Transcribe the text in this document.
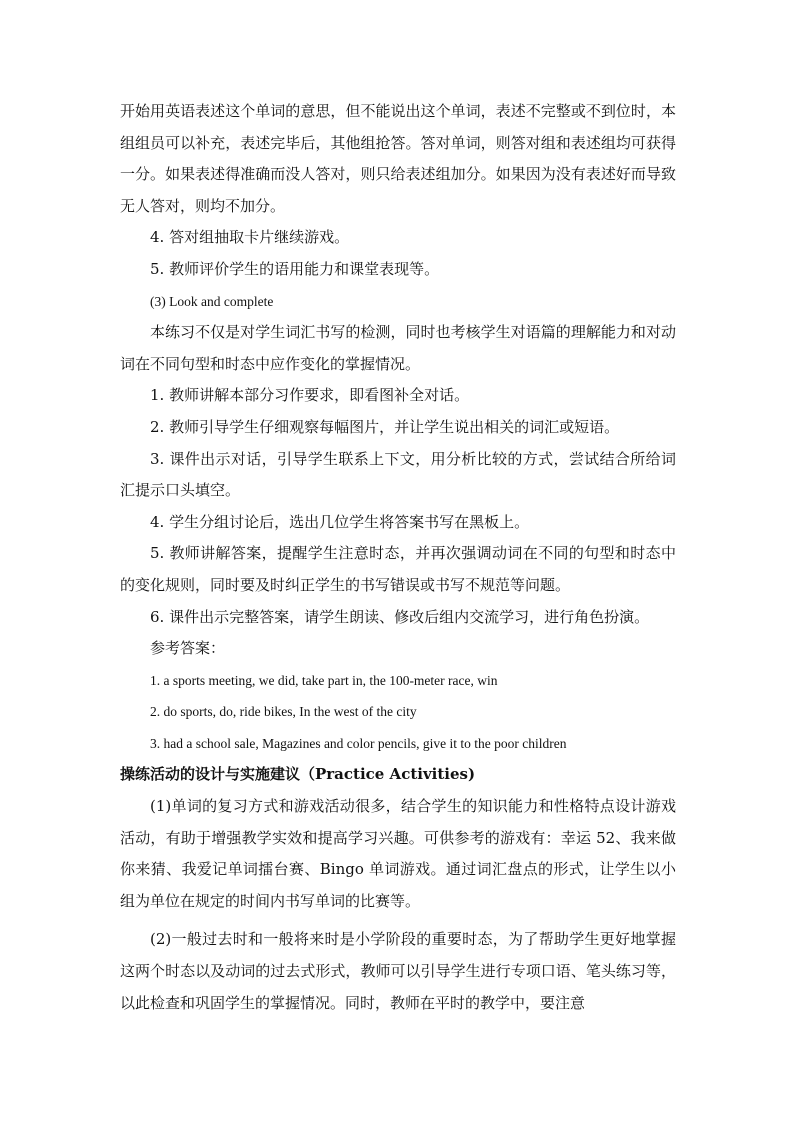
开始用英语表述这个单词的意思，但不能说出这个单词，表述不完整或不到位时，本组组员可以补充，表述完毕后，其他组抢答。答对单词，则答对组和表述组均可获得一分。如果表述得准确而没人答对，则只给表述组加分。如果因为没有表述好而导致无人答对，则均不加分。

4. 答对组抽取卡片继续游戏。

5. 教师评价学生的语用能力和课堂表现等。

(3) Look and complete

本练习不仅是对学生词汇书写的检测，同时也考核学生对语篇的理解能力和对动词在不同句型和时态中应作变化的掌握情况。

1. 教师讲解本部分习作要求，即看图补全对话。

2. 教师引导学生仔细观察每幅图片，并让学生说出相关的词汇或短语。

3. 课件出示对话，引导学生联系上下文，用分析比较的方式，尝试结合所给词汇提示口头填空。

4. 学生分组讨论后，选出几位学生将答案书写在黑板上。

5. 教师讲解答案，提醒学生注意时态，并再次强调动词在不同的句型和时态中的变化规则，同时要及时纠正学生的书写错误或书写不规范等问题。

6. 课件出示完整答案，请学生朗读、修改后组内交流学习，进行角色扮演。

参考答案：

1. a sports meeting, we did, take part in, the 100-meter race, win

2. do sports, do, ride bikes, In the west of the city

3. had a school sale, Magazines and color pencils, give it to the poor children

操练活动的设计与实施建议（Practice Activities)

(1)单词的复习方式和游戏活动很多，结合学生的知识能力和性格特点设计游戏活动，有助于增强教学实效和提高学习兴趣。可供参考的游戏有：幸运 52、我来做你来猜、我爱记单词擂台赛、Bingo 单词游戏。通过词汇盘点的形式，让学生以小组为单位在规定的时间内书写单词的比赛等。

(2)一般过去时和一般将来时是小学阶段的重要时态，为了帮助学生更好地掌握这两个时态以及动词的过去式形式，教师可以引导学生进行专项口语、笔头练习等，以此检查和巩固学生的掌握情况。同时，教师在平时的教学中，要注意
